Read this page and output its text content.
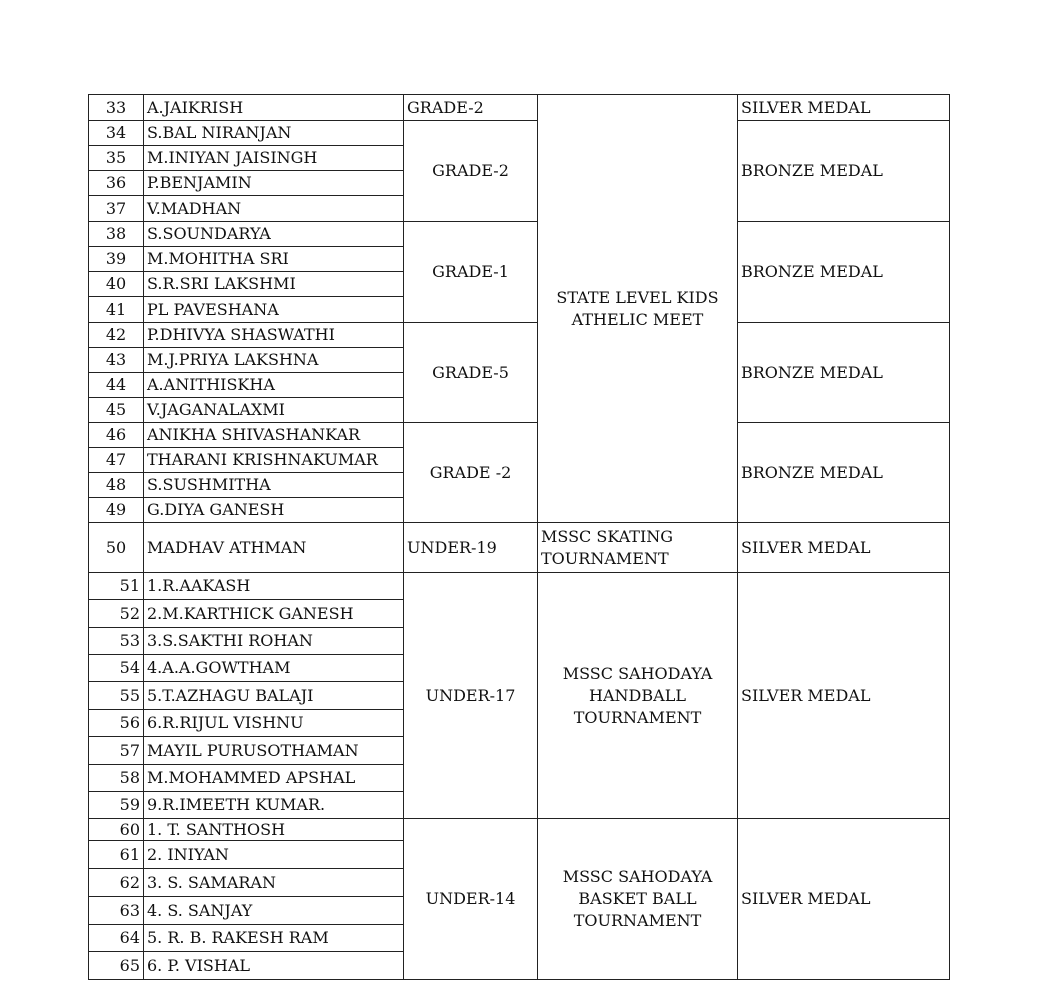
33	A.JAIKRISH	GRADE-2	STATE LEVEL KIDS ATHELIC MEET	SILVER MEDAL
34	S.BAL NIRANJAN	GRADE-2		BRONZE MEDAL
35	M.INIYAN JAISINGH			
36	P.BENJAMIN			
37	V.MADHAN			
38	S.SOUNDARYA	GRADE-1		BRONZE MEDAL
39	M.MOHITHA SRI			
40	S.R.SRI LAKSHMI			
41	PL PAVESHANA			
42	P.DHIVYA SHASWATHI	GRADE-5		BRONZE MEDAL
43	M.J.PRIYA LAKSHNA			
44	A.ANITHISKHA			
45	V.JAGANALAXMI			
46	ANIKHA SHIVASHANKAR	GRADE -2		BRONZE MEDAL
47	THARANI KRISHNAKUMAR			
48	S.SUSHMITHA			
49	G.DIYA GANESH			
50	MADHAV ATHMAN	UNDER-19	MSSC SKATING TOURNAMENT	SILVER MEDAL
51	1.R.AAKASH	UNDER-17	MSSC SAHODAYA HANDBALL TOURNAMENT	SILVER MEDAL
52	2.M.KARTHICK GANESH			
53	3.S.SAKTHI ROHAN			
54	4.A.A.GOWTHAM			
55	5.T.AZHAGU BALAJI			
56	6.R.RIJUL VISHNU			
57	MAYIL PURUSOTHAMAN			
58	M.MOHAMMED APSHAL			
59	9.R.IMEETH KUMAR.			
60	1. T. SANTHOSH	UNDER-14	MSSC SAHODAYA BASKET BALL TOURNAMENT	SILVER MEDAL
61	2. INIYAN			
62	3. S. SAMARAN			
63	4. S. SANJAY			
64	5. R. B. RAKESH RAM			
65	6. P. VISHAL			
